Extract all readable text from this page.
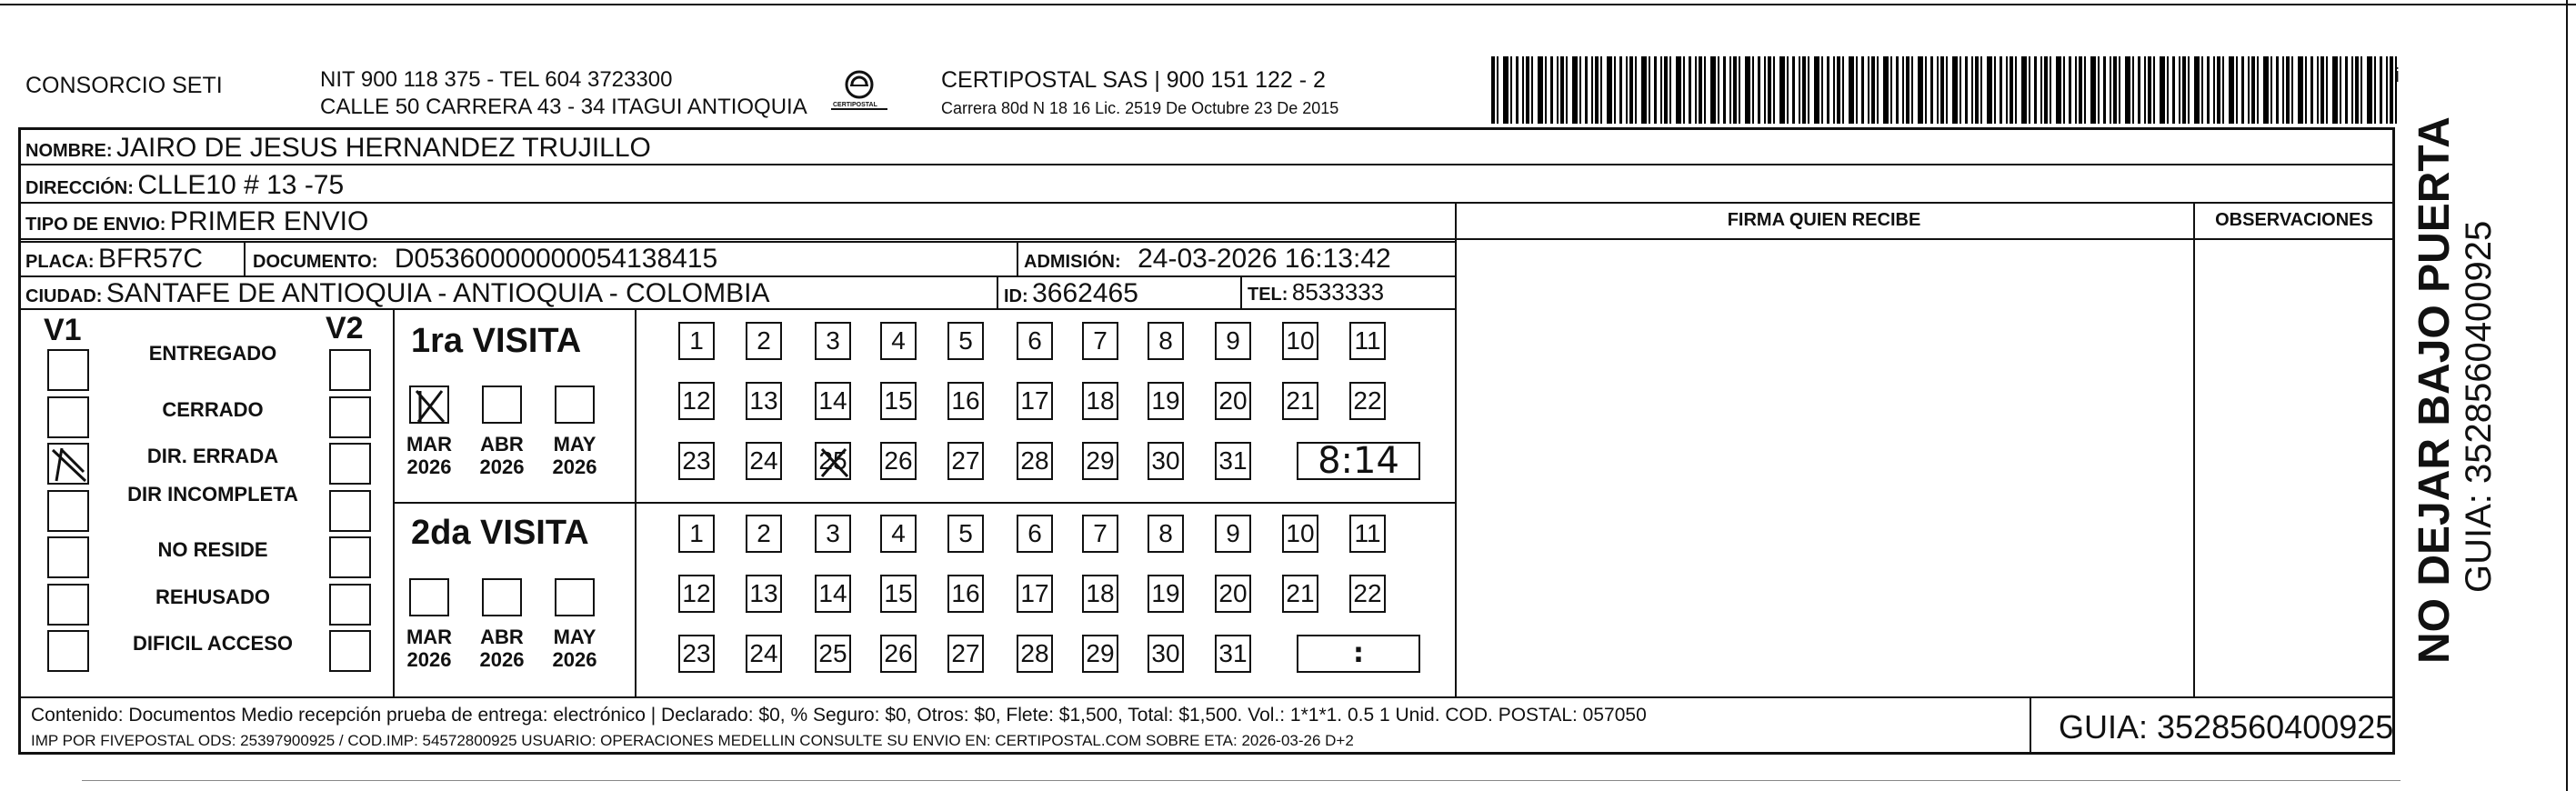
CONSORCIO SETI	NIT 900 118 375 - TEL 604 3723300
CALLE 50 CARRERA 43 - 34 ITAGUI ANTIOQUIA	CERTIPOSTAL
CERTIPOSTAL SAS | 900 151 122 - 2
Carrera 80d N 18 16 Lic. 2519 De Octubre 23 De 2015
i
NOMBRE: JAIRO DE JESUS HERNANDEZ TRUJILLO
DIRECCIÓN: CLLE10 # 13 -75
TIPO DE ENVIO: PRIMER ENVIO
PLACA: BFR57C	DOCUMENTO: D05360000000054138415	ADMISIÓN: 24-03-2026 16:13:42
CIUDAD: SANTAFE DE ANTIOQUIA - ANTIOQUIA - COLOMBIA	ID: 3662465	TEL: 8533333
FIRMA QUIEN RECIBE	OBSERVACIONES
V1	V2
ENTREGADO
CERRADO
DIR. ERRADA
DIR INCOMPLETA
NO RESIDE
REHUSADO
DIFICIL ACCESO
1ra VISITA
2da VISITA
MAR
2026
ABR
2026
MAY
2026
1	2	3	4	5	6	7	8	9	10 11
12 13 14 15 16 17 18 19 20 21 22
23 24 25 26 27 28 29 30 31	8:14
MAR
2026
ABR
2026
MAY
2026
1	2	3	4	5	6	7	8	9	10 11
12 13 14 15 16 17 18 19 20 21 22
23 24 25 26 27 28 29 30 31	:
Contenido: Documentos Medio recepción prueba de entrega: electrónico | Declarado: $0, % Seguro: $0, Otros: $0, Flete: $1,500, Total: $1,500. Vol.: 1*1*1. 0.5 1 Unid. COD. POSTAL: 057050
IMP POR FIVEPOSTAL ODS: 25397900925 / COD.IMP: 54572800925 USUARIO: OPERACIONES MEDELLIN CONSULTE SU ENVIO EN: CERTIPOSTAL.COM SOBRE ETA: 2026-03-26 D+2	GUIA: 3528560400925
NO DEJAR BAJO PUERTA GUIA: 3528560400925
